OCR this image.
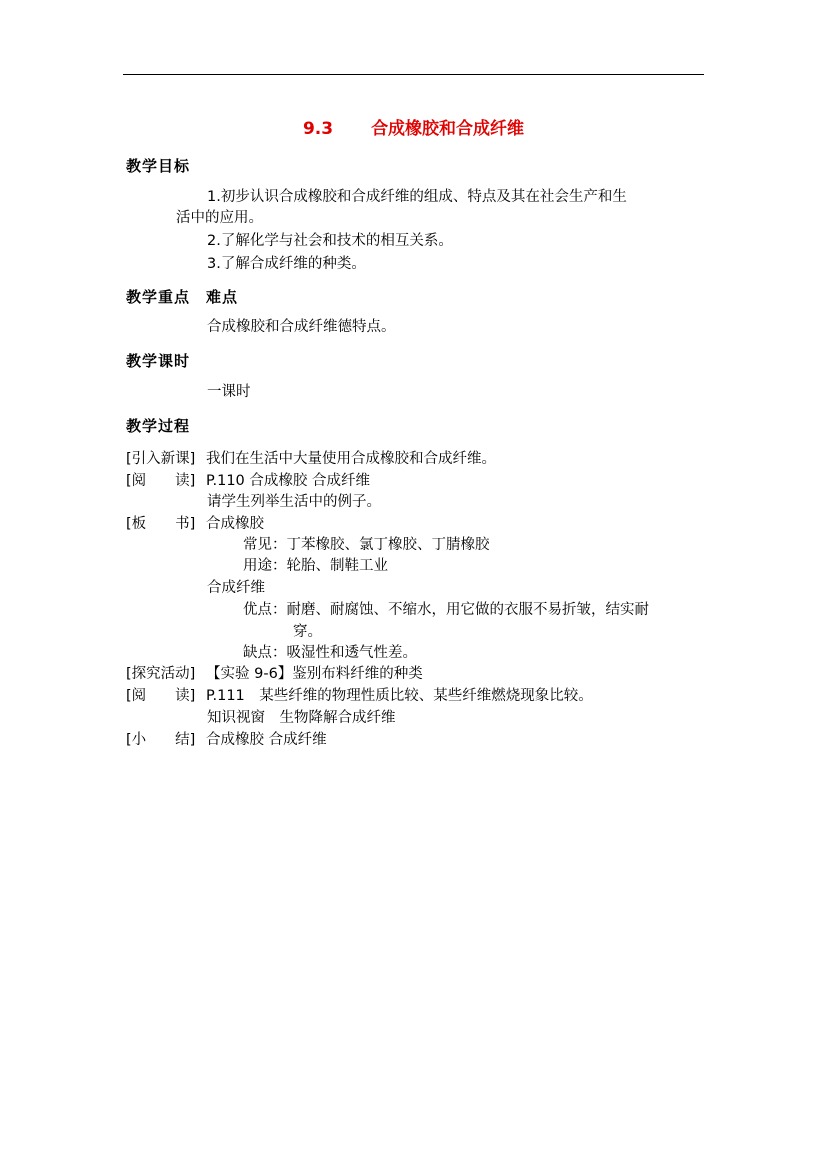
9.3 合成橡胶和合成纤维
教学目标
1.初步认识合成橡胶和合成纤维的组成、特点及其在社会生产和生
活中的应用。
2.了解化学与社会和技术的相互关系。
3.了解合成纤维的种类。
教学重点　难点
合成橡胶和合成纤维德特点。
教学课时
一课时
教学过程
[引入新课] 我们在生活中大量使用合成橡胶和合成纤维。
[阅　　读] P.110 合成橡胶 合成纤维
请学生列举生活中的例子。
[板　　书] 合成橡胶
常见：丁苯橡胶、氯丁橡胶、丁腈橡胶
用途：轮胎、制鞋工业
合成纤维
优点：耐磨、耐腐蚀、不缩水，用它做的衣服不易折皱，结实耐
穿。
缺点：吸湿性和透气性差。
[探究活动] 【实验 9-6】鉴别布料纤维的种类
[阅　　读] P.111　某些纤维的物理性质比较、某些纤维燃烧现象比较。
知识视窗　生物降解合成纤维
[小　　结] 合成橡胶 合成纤维
